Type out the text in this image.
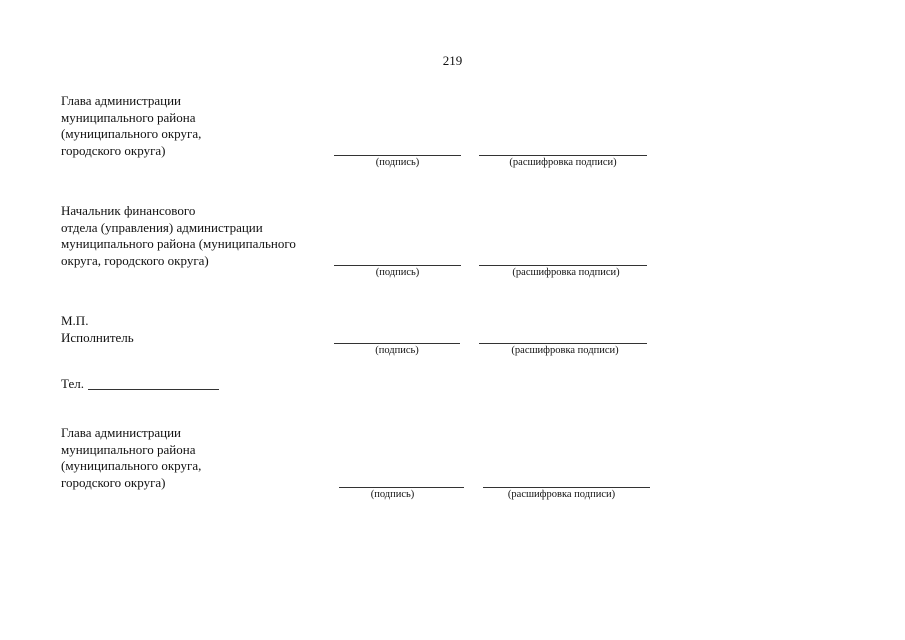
219
Глава администрации
муниципального района
(муниципального округа,
городского округа)
(подпись)	(расшифровка подписи)
Начальник финансового
отдела (управления) администрации
муниципального района (муниципального
округа, городского округа)
(подпись)	(расшифровка подписи)
М.П.
Исполнитель
(подпись)	(расшифровка подписи)
Тел.
Глава администрации
муниципального района
(муниципального округа,
городского округа)
(подпись)	(расшифровка подписи)
